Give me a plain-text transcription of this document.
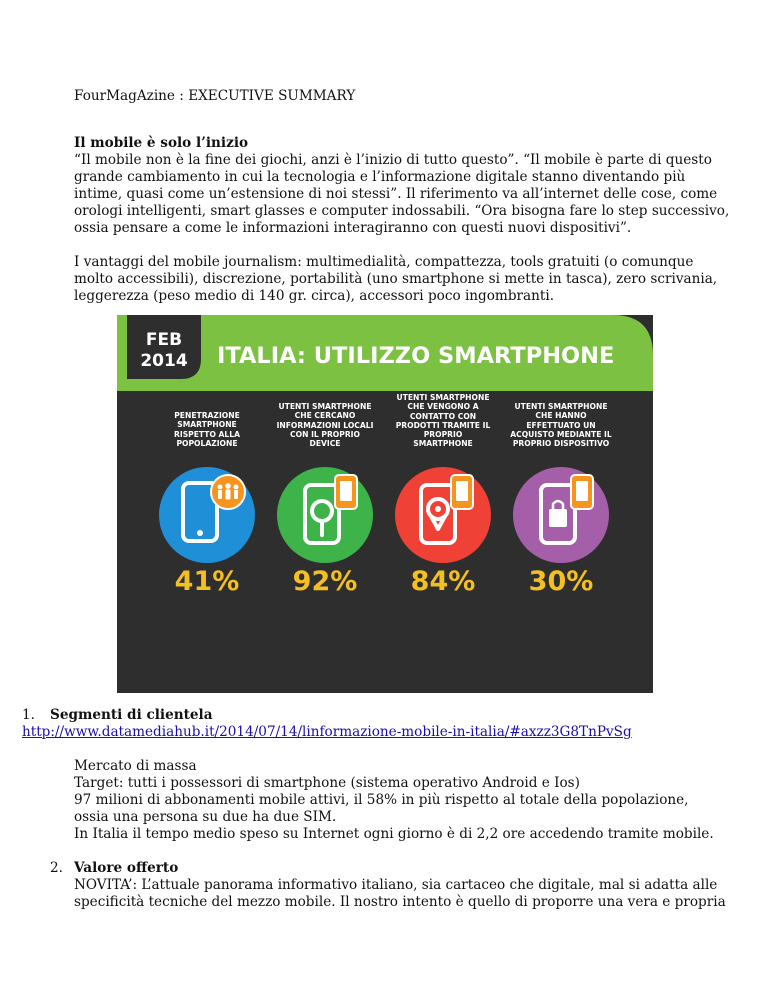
FourMagAzine : EXECUTIVE SUMMARY

Il mobile è solo l’inizio

“Il mobile non è la fine dei giochi, anzi è l’inizio di tutto questo”. “Il mobile è parte di questo

grande cambiamento in cui la tecnologia e l’informazione digitale stanno diventando più

intime, quasi come un’estensione di noi stessi”. Il riferimento va all’internet delle cose, come

orologi intelligenti, smart glasses e computer indossabili. “Ora bisogna fare lo step successivo,

ossia pensare a come le informazioni interagiranno con questi nuovi dispositivi”.

I vantaggi del mobile journalism: multimedialità, compattezza, tools gratuiti (o comunque

molto accessibili), discrezione, portabilità (uno smartphone si mette in tasca), zero scrivania,

leggerezza (peso medio di 140 gr. circa), accessori poco ingombranti.

FEB
2014 ITALIA: UTILIZZO SMARTPHONE
PENETRAZIONE
SMARTPHONE
RISPETTO ALLA
POPOLAZIONE
41%
UTENTI SMARTPHONE
CHE CERCANO
INFORMAZIONI LOCALI
CON IL PROPRIO
DEVICE
92%
UTENTI SMARTPHONE
CHE VENGONO A
CONTATTO CON
PRODOTTI TRAMITE IL
PROPRIO
SMARTPHONE
84%
UTENTI SMARTPHONE
CHE HANNO
EFFETTUATO UN
ACQUISTO MEDIANTE IL
PROPRIO DISPOSITIVO
30%

1. Segmenti di clientela

http://www.datamediahub.it/2014/07/14/linformazione-mobile-in-italia/#axzz3G8TnPvSg

Mercato di massa

Target: tutti i possessori di smartphone (sistema operativo Android e Ios)

97 milioni di abbonamenti mobile attivi, il 58% in più rispetto al totale della popolazione,

ossia una persona su due ha due SIM.

In Italia il tempo medio speso su Internet ogni giorno è di 2,2 ore accedendo tramite mobile.

2. Valore offerto

NOVITA’: L’attuale panorama informativo italiano, sia cartaceo che digitale, mal si adatta alle

specificità tecniche del mezzo mobile. Il nostro intento è quello di proporre una vera e propria
